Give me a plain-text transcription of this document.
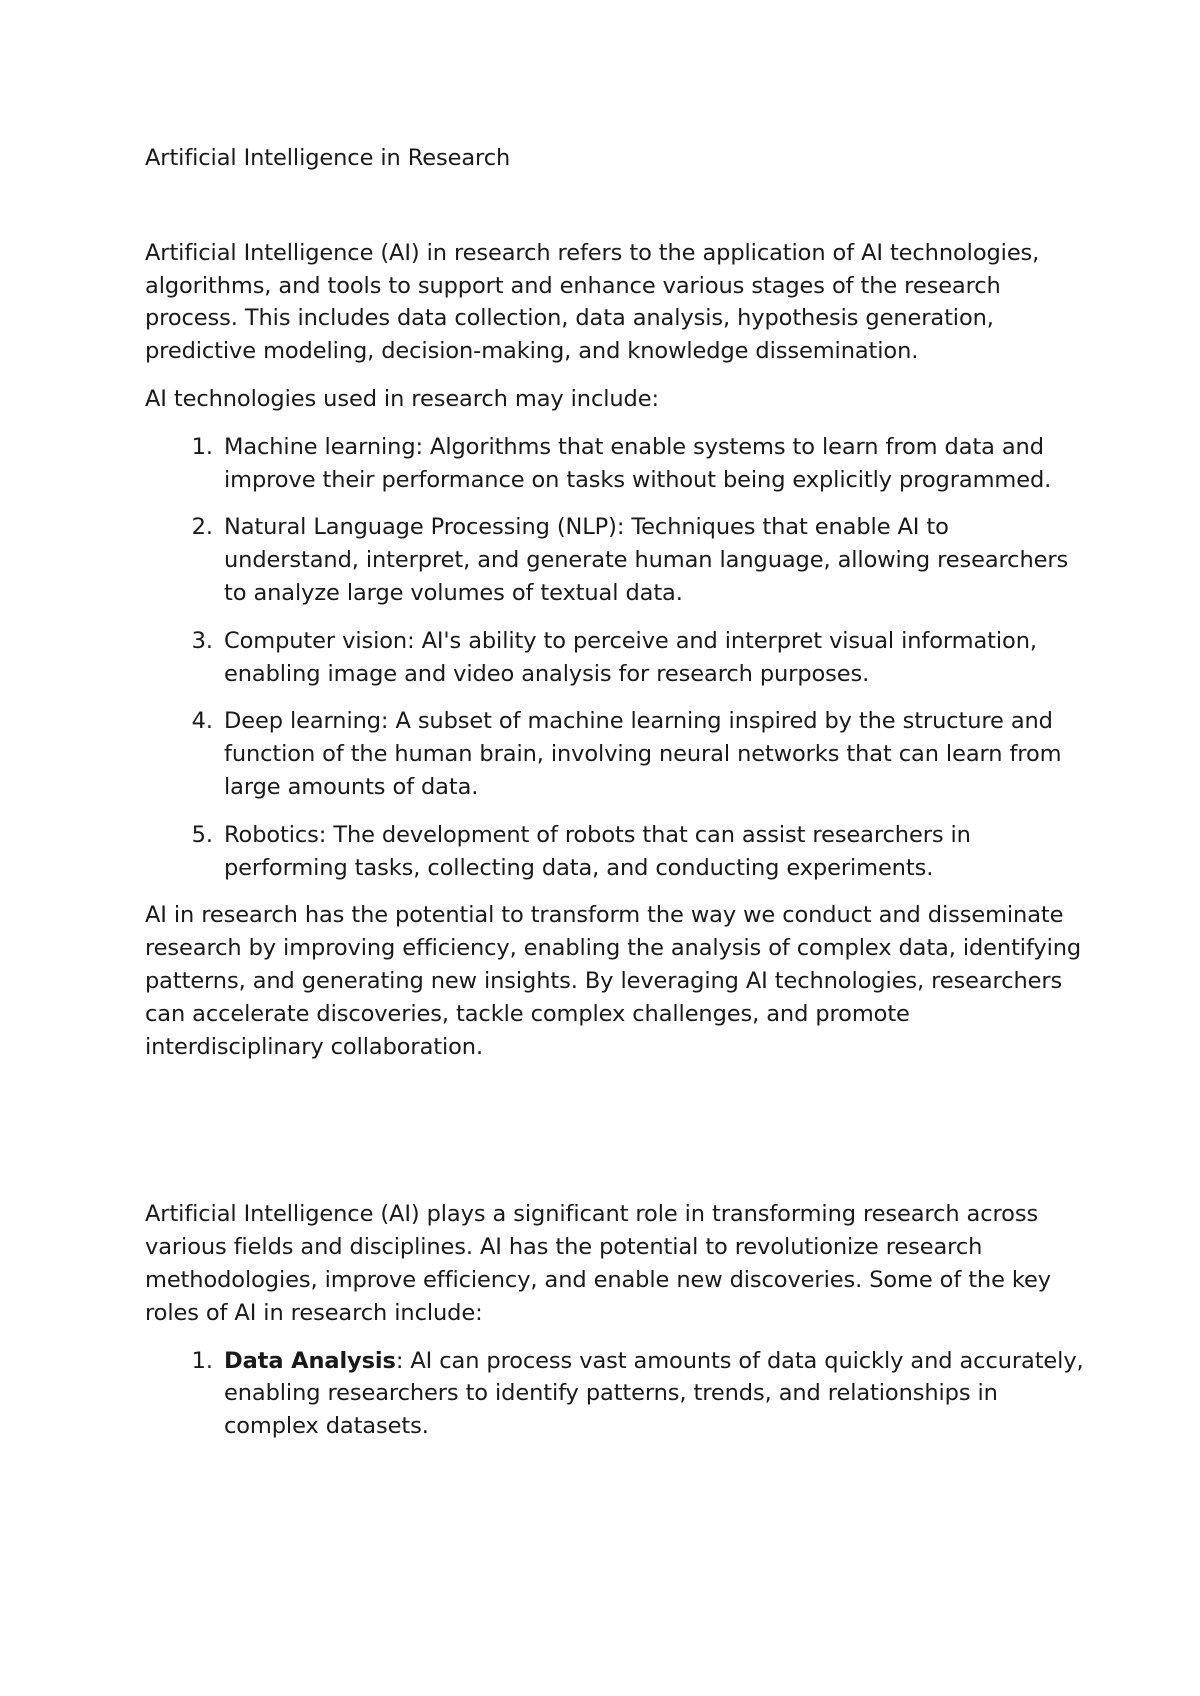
Artificial Intelligence in Research

Artificial Intelligence (AI) in research refers to the application of AI technologies, algorithms, and tools to support and enhance various stages of the research process. This includes data collection, data analysis, hypothesis generation, predictive modeling, decision-making, and knowledge dissemination.

AI technologies used in research may include:

1. Machine learning: Algorithms that enable systems to learn from data and improve their performance on tasks without being explicitly programmed.
2. Natural Language Processing (NLP): Techniques that enable AI to understand, interpret, and generate human language, allowing researchers to analyze large volumes of textual data.
3. Computer vision: AI's ability to perceive and interpret visual information, enabling image and video analysis for research purposes.
4. Deep learning: A subset of machine learning inspired by the structure and function of the human brain, involving neural networks that can learn from large amounts of data.
5. Robotics: The development of robots that can assist researchers in performing tasks, collecting data, and conducting experiments.

AI in research has the potential to transform the way we conduct and disseminate research by improving efficiency, enabling the analysis of complex data, identifying patterns, and generating new insights. By leveraging AI technologies, researchers can accelerate discoveries, tackle complex challenges, and promote interdisciplinary collaboration.

Artificial Intelligence (AI) plays a significant role in transforming research across various fields and disciplines. AI has the potential to revolutionize research methodologies, improve efficiency, and enable new discoveries. Some of the key roles of AI in research include:

1. Data Analysis: AI can process vast amounts of data quickly and accurately, enabling researchers to identify patterns, trends, and relationships in complex datasets.
